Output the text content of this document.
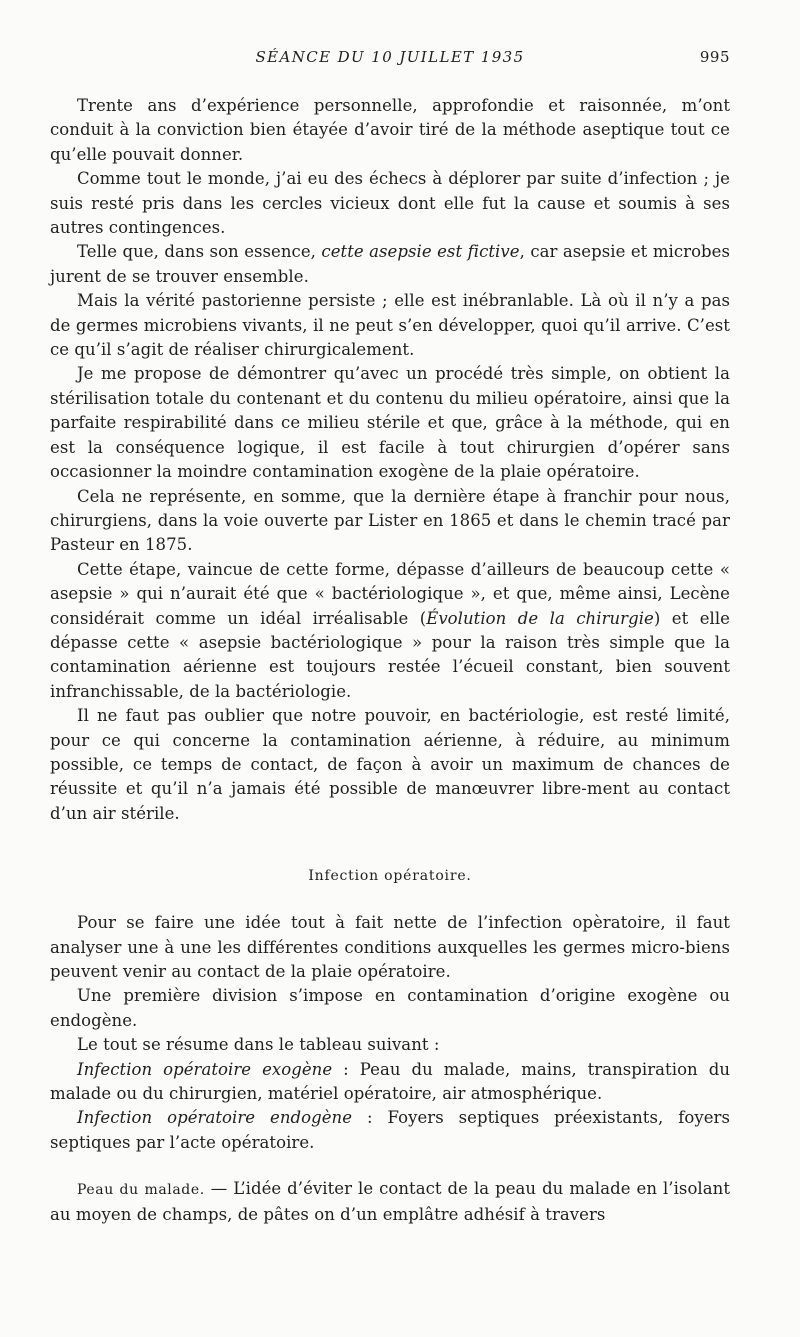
SÉANCE DU 10 JUILLET 1935	995

Trente ans d’expérience personnelle, approfondie et raisonnée, m’ont conduit à la conviction bien étayée d’avoir tiré de la méthode aseptique tout ce qu’elle pouvait donner.

Comme tout le monde, j’ai eu des échecs à déplorer par suite d’infection ; je suis resté pris dans les cercles vicieux dont elle fut la cause et soumis à ses autres contingences.

Telle que, dans son essence, cette asepsie est fictive, car asepsie et microbes jurent de se trouver ensemble.

Mais la vérité pastorienne persiste ; elle est inébranlable. Là où il n’y a pas de germes microbiens vivants, il ne peut s’en développer, quoi qu’il arrive. C’est ce qu’il s’agit de réaliser chirurgicalement.

Je me propose de démontrer qu’avec un procédé très simple, on obtient la stérilisation totale du contenant et du contenu du milieu opératoire, ainsi que la parfaite respirabilité dans ce milieu stérile et que, grâce à la méthode, qui en est la conséquence logique, il est facile à tout chirurgien d’opérer sans occasionner la moindre contamination exogène de la plaie opératoire.

Cela ne représente, en somme, que la dernière étape à franchir pour nous, chirurgiens, dans la voie ouverte par Lister en 1865 et dans le chemin tracé par Pasteur en 1875.

Cette étape, vaincue de cette forme, dépasse d’ailleurs de beaucoup cette « asepsie » qui n’aurait été que « bactériologique », et que, même ainsi, Lecène considérait comme un idéal irréalisable (Évolution de la chirurgie) et elle dépasse cette « asepsie bactériologique » pour la raison très simple que la contamination aérienne est toujours restée l’écueil constant, bien souvent infranchissable, de la bactériologie.

Il ne faut pas oublier que notre pouvoir, en bactériologie, est resté limité, pour ce qui concerne la contamination aérienne, à réduire, au minimum possible, ce temps de contact, de façon à avoir un maximum de chances de réussite et qu’il n’a jamais été possible de manœuvrer libre-ment au contact d’un air stérile.

Infection opératoire.

Pour se faire une idée tout à fait nette de l’infection opèratoire, il faut analyser une à une les différentes conditions auxquelles les germes micro-biens peuvent venir au contact de la plaie opératoire.

Une première division s’impose en contamination d’origine exogène ou endogène.

Le tout se résume dans le tableau suivant :

Infection opératoire exogène : Peau du malade, mains, transpiration du malade ou du chirurgien, matériel opératoire, air atmosphérique.

Infection opératoire endogène : Foyers septiques préexistants, foyers septiques par l’acte opératoire.

Peau du malade. — L’idée d’éviter le contact de la peau du malade en l’isolant au moyen de champs, de pâtes on d’un emplâtre adhésif à travers
